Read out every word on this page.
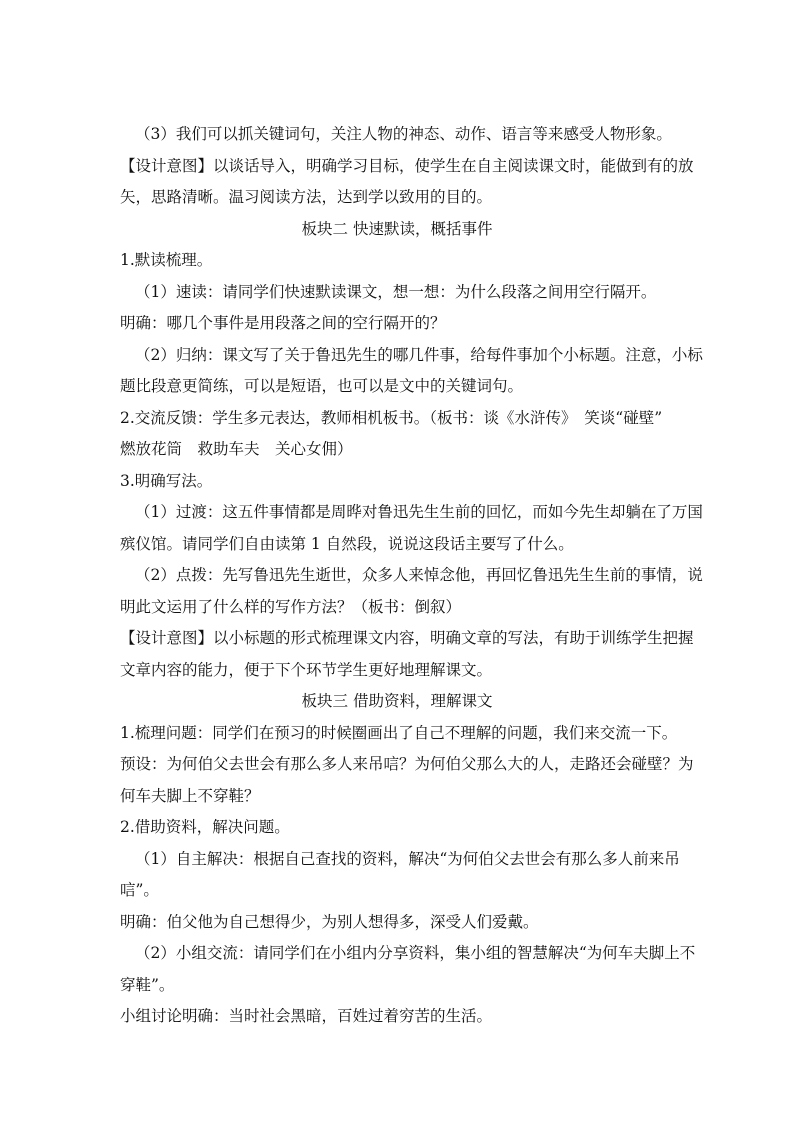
（3）我们可以抓关键词句，关注人物的神态、动作、语言等来感受人物形象。
【设计意图】以谈话导入，明确学习目标，使学生在自主阅读课文时，能做到有的放
矢，思路清晰。温习阅读方法，达到学以致用的目的。
板块二 快速默读，概括事件
1.默读梳理。
（1）速读：请同学们快速默读课文，想一想：为什么段落之间用空行隔开。
明确：哪几个事件是用段落之间的空行隔开的？
（2）归纳：课文写了关于鲁迅先生的哪几件事，给每件事加个小标题。注意，小标
题比段意更简练，可以是短语，也可以是文中的关键词句。
2.交流反馈：学生多元表达，教师相机板书。（板书：谈《水浒传》　笑谈“碰壁”
燃放花筒　救助车夫　关心女佣）
3.明确写法。
（1）过渡：这五件事情都是周晔对鲁迅先生生前的回忆，而如今先生却躺在了万国
殡仪馆。请同学们自由读第 1 自然段，说说这段话主要写了什么。
（2）点拨：先写鲁迅先生逝世，众多人来悼念他，再回忆鲁迅先生生前的事情，说
明此文运用了什么样的写作方法？（板书：倒叙）
【设计意图】以小标题的形式梳理课文内容，明确文章的写法，有助于训练学生把握
文章内容的能力，便于下个环节学生更好地理解课文。
板块三 借助资料，理解课文
1.梳理问题：同学们在预习的时候圈画出了自己不理解的问题，我们来交流一下。
预设：为何伯父去世会有那么多人来吊唁？为何伯父那么大的人，走路还会碰壁？为
何车夫脚上不穿鞋？
2.借助资料，解决问题。
（1）自主解决：根据自己查找的资料，解决“为何伯父去世会有那么多人前来吊
唁”。
明确：伯父他为自己想得少，为别人想得多，深受人们爱戴。
（2）小组交流：请同学们在小组内分享资料，集小组的智慧解决“为何车夫脚上不
穿鞋”。
小组讨论明确：当时社会黑暗，百姓过着穷苦的生活。
